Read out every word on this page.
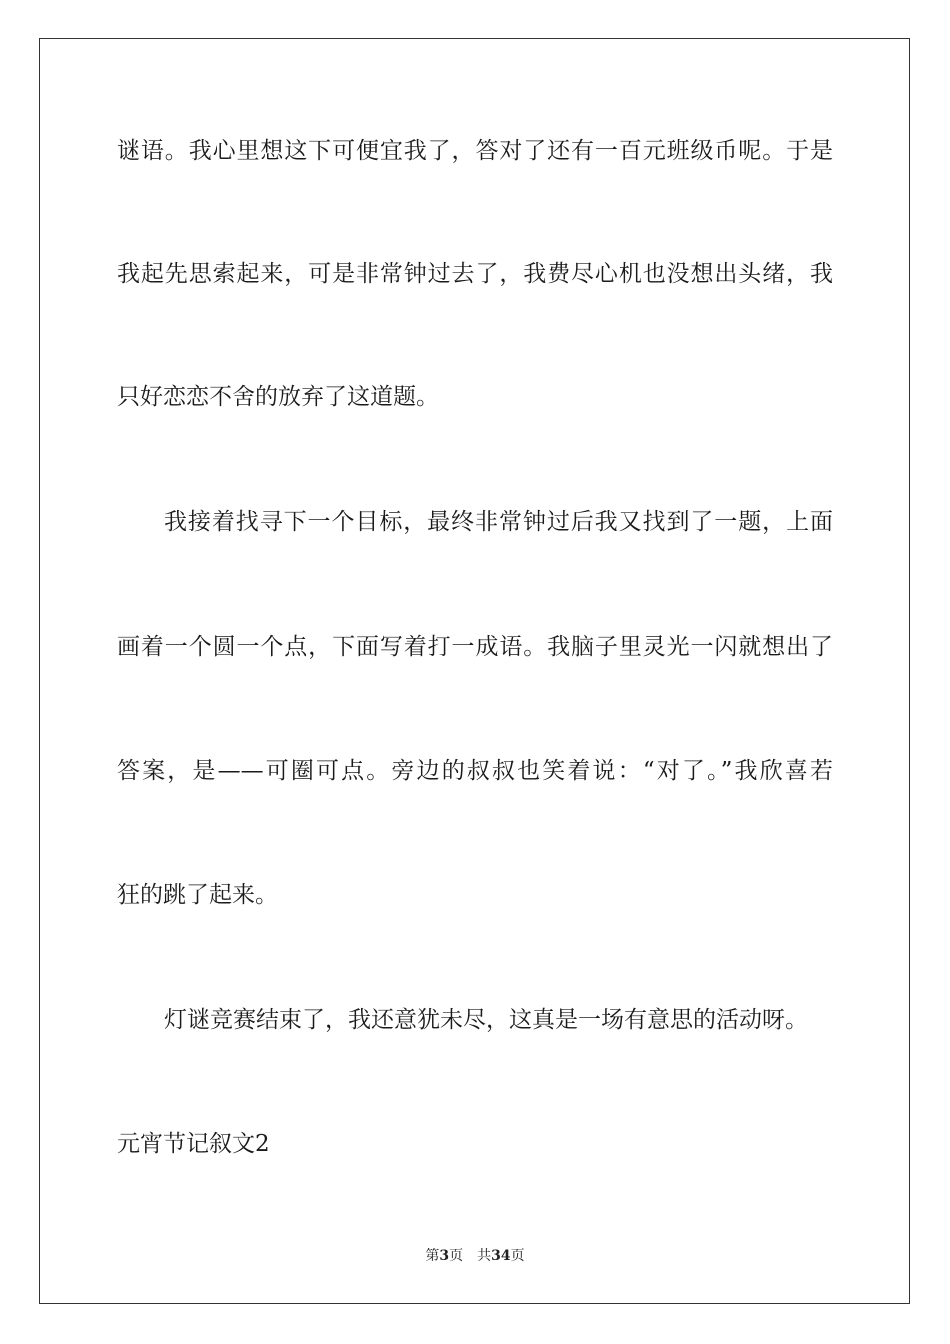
谜语。我心里想这下可便宜我了，答对了还有一百元班级币呢。于是
我起先思索起来，可是非常钟过去了，我费尽心机也没想出头绪，我
只好恋恋不舍的放弃了这道题。
我接着找寻下一个目标，最终非常钟过后我又找到了一题，上面
画着一个圆一个点，下面写着打一成语。我脑子里灵光一闪就想出了
答案，是——可圈可点。旁边的叔叔也笑着说：“对了。”我欣喜若
狂的跳了起来。
灯谜竞赛结束了，我还意犹未尽，这真是一场有意思的活动呀。
元宵节记叙文2
第3页 共34页
